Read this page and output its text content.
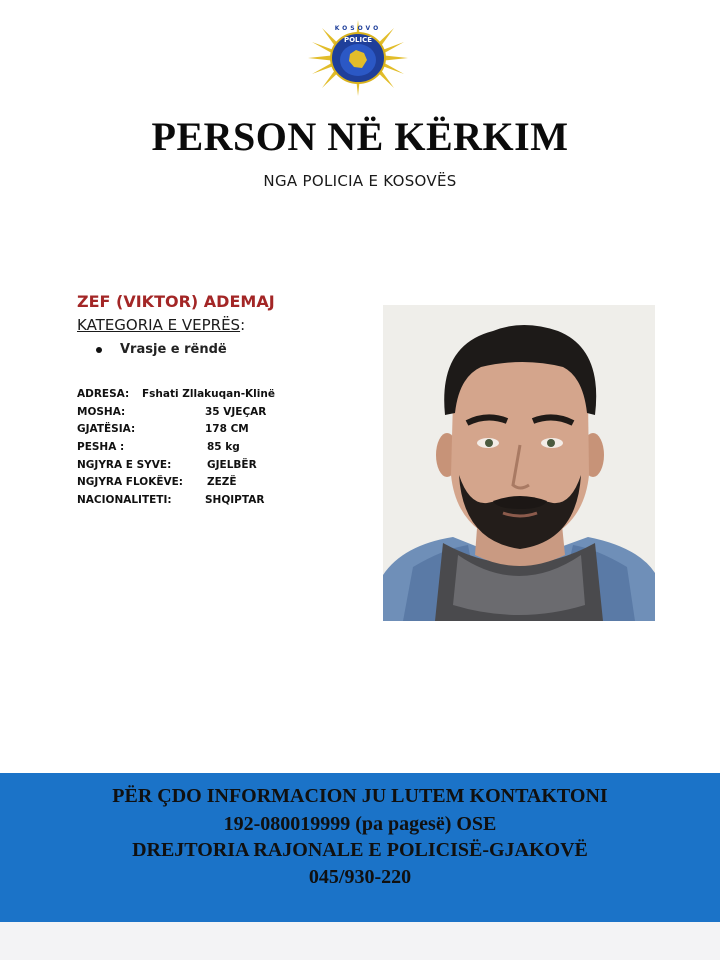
POLICE
KOSOVO
PERSON NË KËRKIM
NGA POLICIA E KOSOVËS
ZEF (VIKTOR) ADEMAJ
KATEGORIA E VEPRËS:
Vrasje e rëndë
ADRESA: Fshati Zllakuqan-Klinë
MOSHA:	35 VJEÇAR
GJATËSIA:	178 CM
PESHA :	85 kg
NGJYRA E SYVE:	GJELBËR
NGJYRA FLOKËVE: ZEZË
NACIONALITETI:	SHQIPTAR
PËR ÇDO INFORMACION JU LUTEM KONTAKTONI
192-080019999 (pa pagesë) OSE
DREJTORIA RAJONALE E POLICISË-GJAKOVË
045/930-220
